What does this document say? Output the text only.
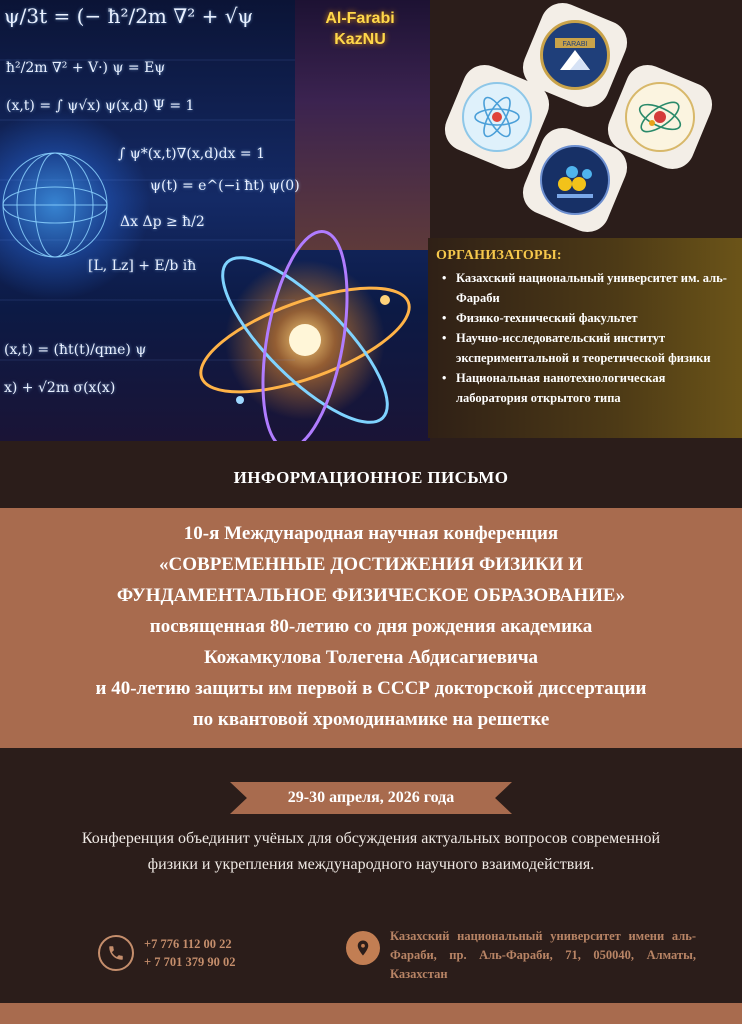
ψ/3t = (− ħ²/2m ∇² + √ψ
ħ²/2m ∇² + V·) ψ = Eψ
(x,t) = ∫ ψ√x) ψ(x,d) Ψ = 1
∫ ψ*(x,t)∇(x,d)dx = 1
ψ(t) = e^(−i ħt) ψ(0)
Δx Δp ≥ ħ/2
[L, Lz] + E/b iħ
(x,t) = (ħt(t)/qme) ψ
x) + √2m σ(x(x)
Al-Farabi
KazNU	FARABI
ОРГАНИЗАТОРЫ:
• Казахский национальный университет им. аль-Фараби
• Физико-технический факультет
• Научно-исследовательский институт экспериментальной и теоретической физики
• Национальная нанотехнологическая лаборатория открытого типа
ИНФОРМАЦИОННОЕ ПИСЬМО

10-я Международная научная конференция

«СОВРЕМЕННЫЕ ДОСТИЖЕНИЯ ФИЗИКИ И

ФУНДАМЕНТАЛЬНОЕ ФИЗИЧЕСКОЕ ОБРАЗОВАНИЕ»

посвященная 80-летию со дня рождения академика

Кожамкулова Толегена Абдисагиевича

и 40-летию защиты им первой в СССР докторской диссертации

по квантовой хромодинамике на решетке

29-30 апреля, 2026 года
Конференция объединит учёных для обсуждения актуальных вопросов современной физики и укрепления международного научного взаимодействия.
+7 776 112 00 22
+ 7 701 379 90 02
Казахский национальный университет имени аль-Фараби, пр. Аль-Фараби, 71, 050040, Алматы, Казахстан
